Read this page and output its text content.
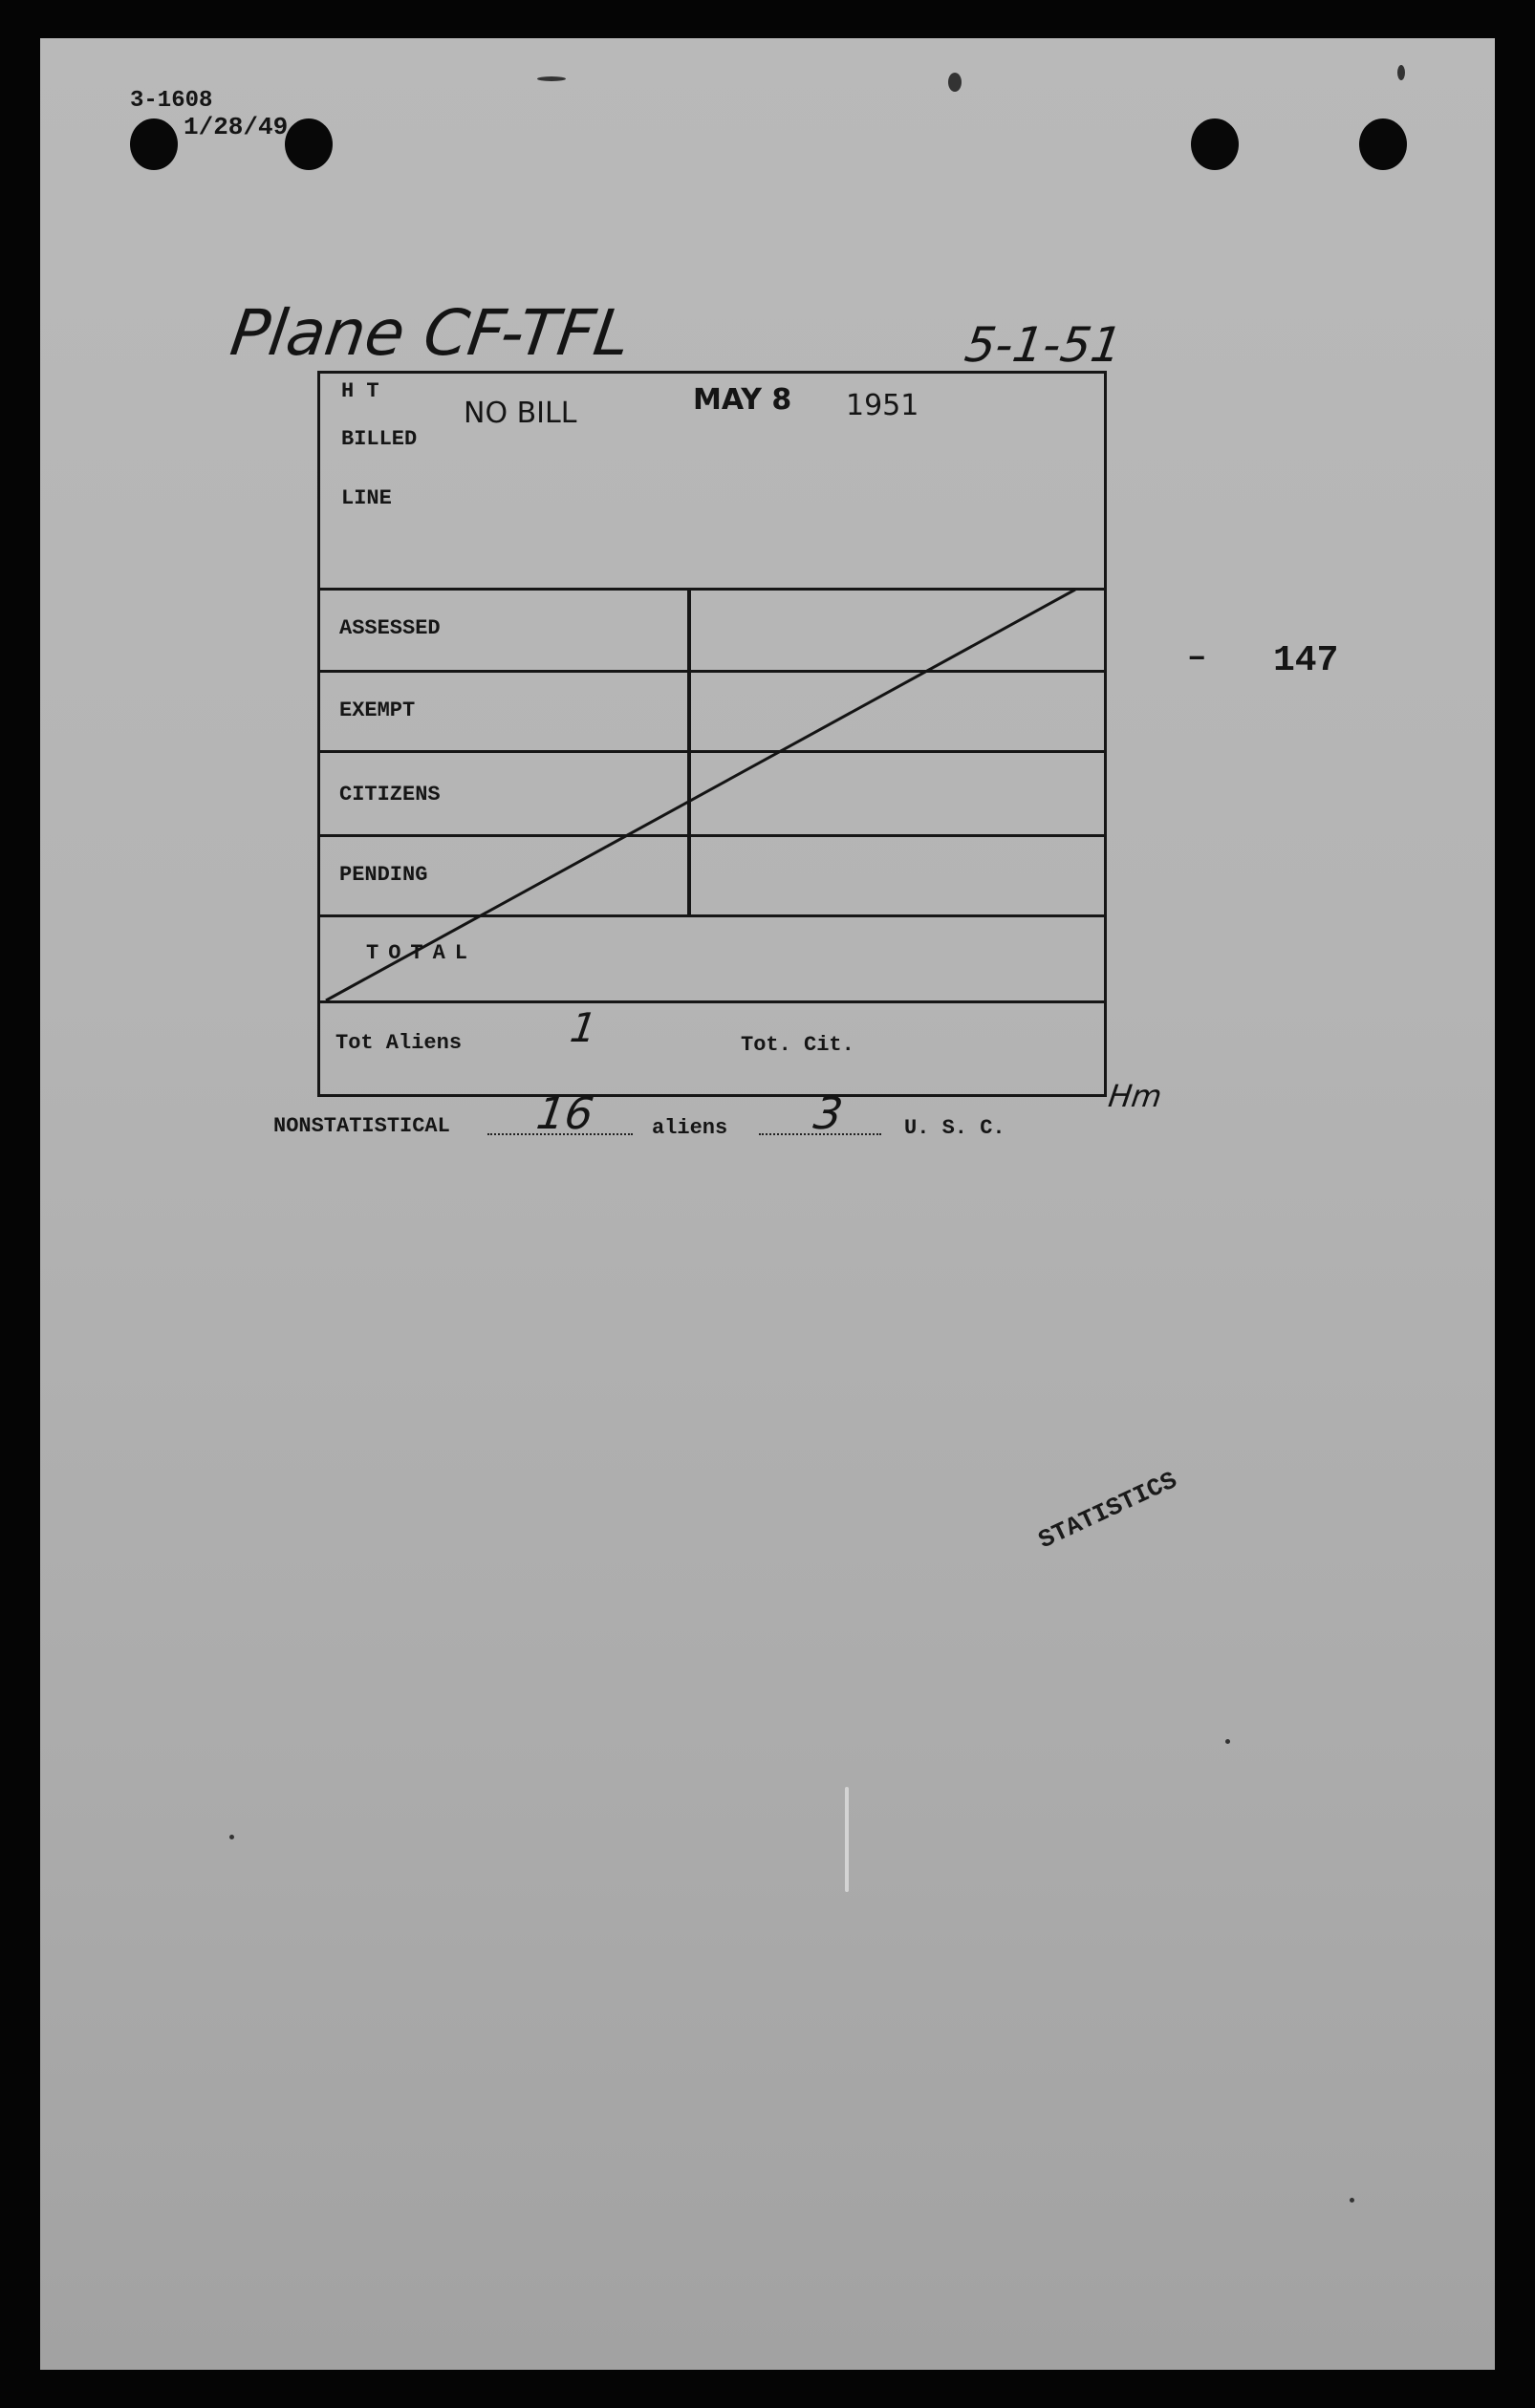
3-1608
1/28/49
Plane CF-TFL	5-1-51
– 147
H T
NO BILL	MAY 8 1951
BILLED
LINE
ASSESSED
EXEMPT
CITIZENS
PENDING
TOTAL
Tot Aliens	Tot. Cit.
1
Hm
NONSTATISTICAL 16	aliens 3	U. S. C.
STATISTICS
